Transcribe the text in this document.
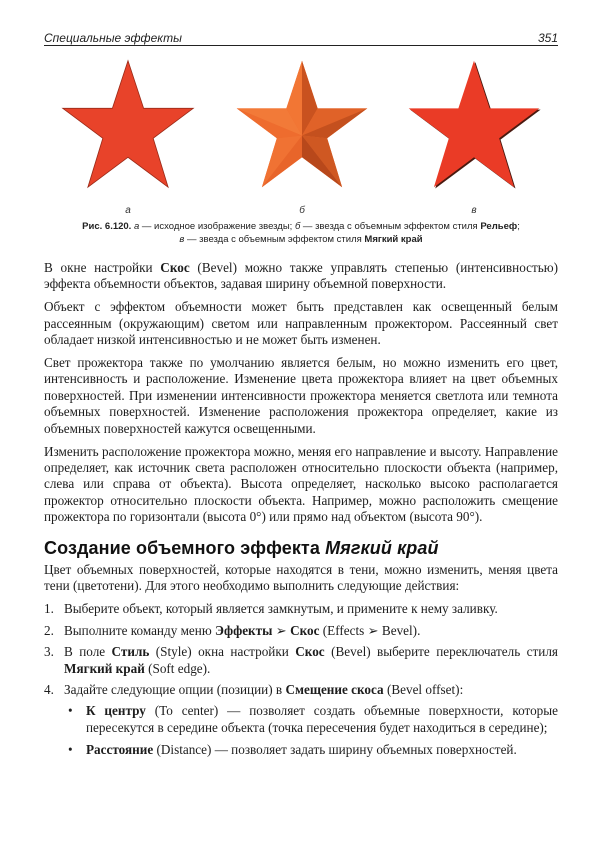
Специальные эффекты	351
а	б	в
Рис. 6.120. а — исходное изображение звезды; б — звезда с объемным эффектом стиля Рельеф;
в — звезда с объемным эффектом стиля Мягкий край

В окне настройки Скос (Bevel) можно также управлять степенью (интенсивностью) эффекта объемности объектов, задавая ширину объемной поверхности.

Объект с эффектом объемности может быть представлен как освещенный белым рассеянным (окружающим) светом или направленным прожектором. Рассеянный свет обладает низкой интенсивностью и не может быть изменен.

Свет прожектора также по умолчанию является белым, но можно изменить его цвет, интенсивность и расположение. Изменение цвета прожектора влияет на цвет объемных поверхностей. При изменении интенсивности прожектора меняется светлота или темнота объемных поверхностей. Изменение расположения прожектора определяет, какие из объемных поверхностей кажутся освещенными.

Изменить расположение прожектора можно, меняя его направление и высоту. Направление определяет, как источник света расположен относительно плоскости объекта (например, слева или справа от объекта). Высота определяет, насколько высоко располагается прожектор относительно плоскости объекта. Например, можно расположить смещение прожектора по горизонтали (высота 0°) или прямо над объектом (высота 90°).

Создание объемного эффекта Мягкий край

Цвет объемных поверхностей, которые находятся в тени, можно изменить, меняя цвета тени (цветотени). Для этого необходимо выполнить следующие действия:

1. Выберите объект, который является замкнутым, и примените к нему заливку.
2. Выполните команду меню Эффекты ➢ Скос (Effects ➢ Bevel).
3. В поле Стиль (Style) окна настройки Скос (Bevel) выберите переключатель стиля Мягкий край (Soft edge).
4. Задайте следующие опции (позиции) в Смещение скоса (Bevel offset):
• К центру (To center) — позволяет создать объемные поверхности, которые пересекутся в середине объекта (точка пересечения будет находиться в середине);
• Расстояние (Distance) — позволяет задать ширину объемных поверхностей.
